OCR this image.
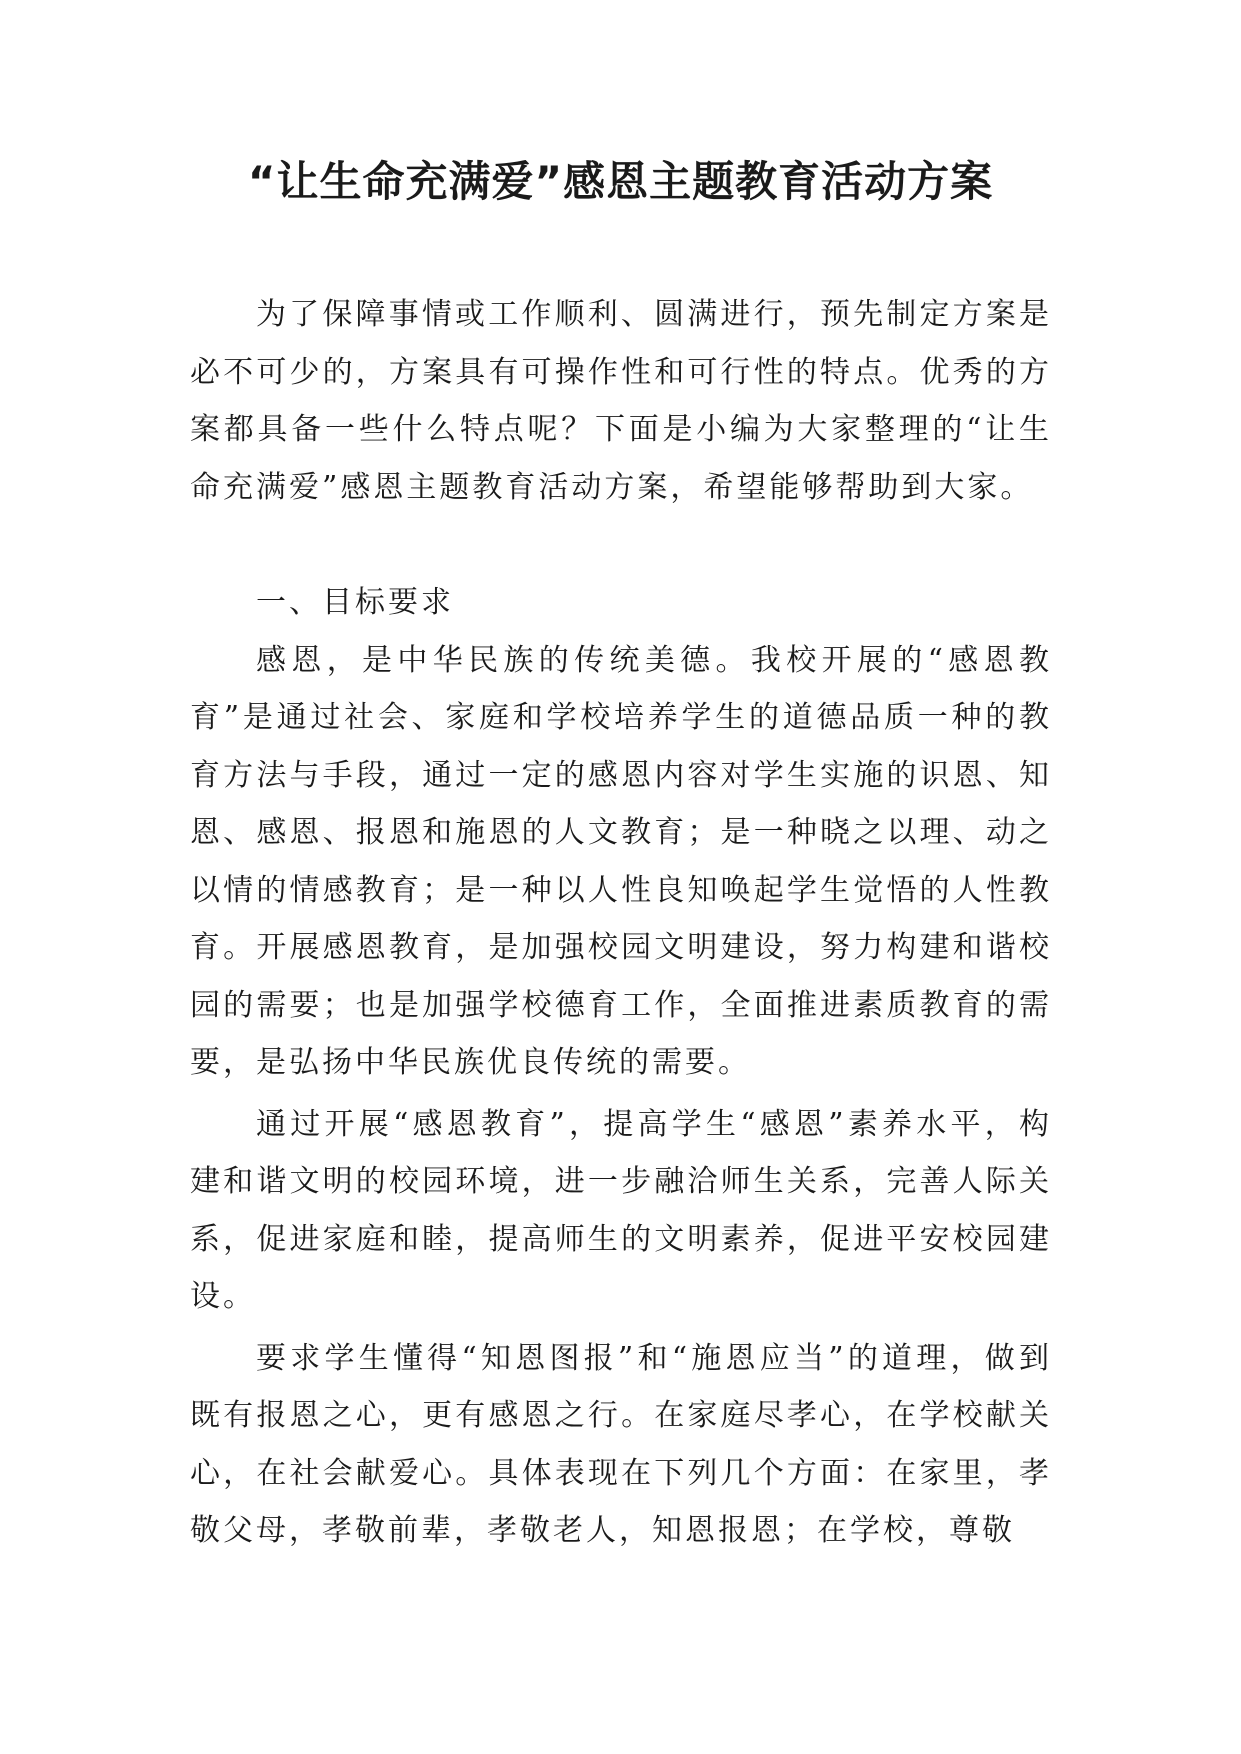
“让生命充满爱”感恩主题教育活动方案

为了保障事情或工作顺利、圆满进行，预先制定方案是必不可少的，方案具有可操作性和可行性的特点。优秀的方案都具备一些什么特点呢？下面是小编为大家整理的“让生命充满爱”感恩主题教育活动方案，希望能够帮助到大家。

一、目标要求

感恩，是中华民族的传统美德。我校开展的“感恩教育”是通过社会、家庭和学校培养学生的道德品质一种的教育方法与手段，通过一定的感恩内容对学生实施的识恩、知恩、感恩、报恩和施恩的人文教育；是一种晓之以理、动之以情的情感教育；是一种以人性良知唤起学生觉悟的人性教育。开展感恩教育，是加强校园文明建设，努力构建和谐校园的需要；也是加强学校德育工作，全面推进素质教育的需要，是弘扬中华民族优良传统的需要。

通过开展“感恩教育”，提高学生“感恩”素养水平，构建和谐文明的校园环境，进一步融洽师生关系，完善人际关系，促进家庭和睦，提高师生的文明素养，促进平安校园建设。

要求学生懂得“知恩图报”和“施恩应当”的道理，做到既有报恩之心，更有感恩之行。在家庭尽孝心，在学校献关心，在社会献爱心。具体表现在下列几个方面：在家里，孝敬父母，孝敬前辈，孝敬老人，知恩报恩；在学校，尊敬
